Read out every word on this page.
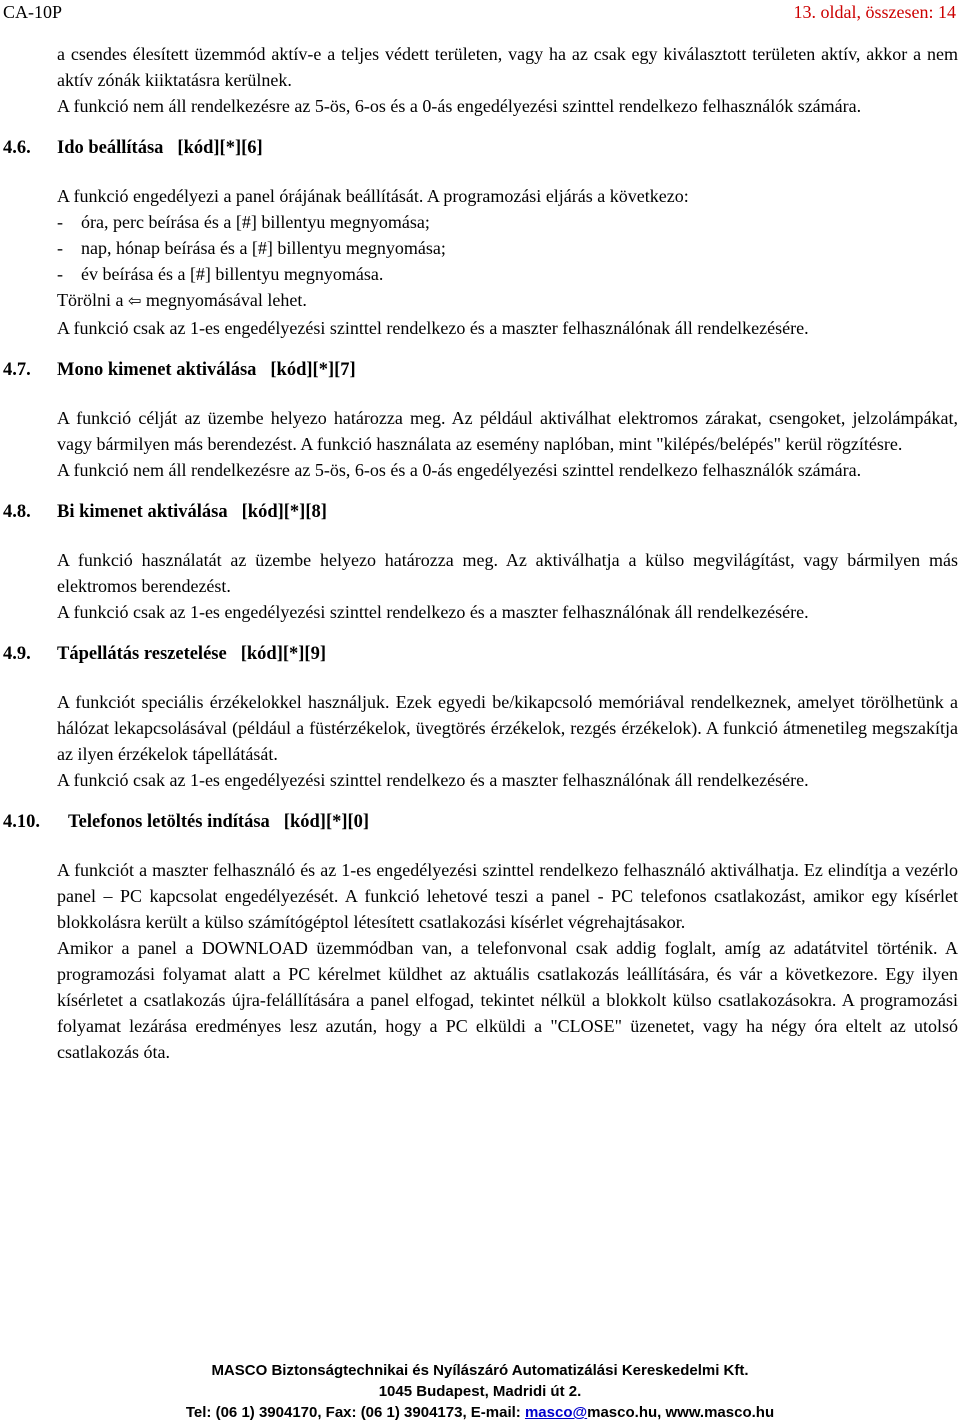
CA-10P	13. oldal, összesen: 14

a csendes élesített üzemmód aktív-e a teljes védett területen, vagy ha az csak egy kiválasztott területen aktív, akkor a nem aktív zónák kiiktatásra kerülnek.

A funkció nem áll rendelkezésre az 5-ös, 6-os és a 0-ás engedélyezési szinttel rendelkezo felhasználók számára.

4.6. Ido beállítása [kód][*][6]

A funkció engedélyezi a panel órájának beállítását. A programozási eljárás a következo:

- óra, perc beírása és a [#] billentyu megnyomása;
- nap, hónap beírása és a [#] billentyu megnyomása;
- év beírása és a [#] billentyu megnyomása.

Törölni a ⇦ megnyomásával lehet.

A funkció csak az 1-es engedélyezési szinttel rendelkezo és a maszter felhasználónak áll rendelkezésére.

4.7. Mono kimenet aktiválása [kód][*][7]

A funkció célját az üzembe helyezo határozza meg. Az például aktiválhat elektromos zárakat, csengoket, jelzolámpákat, vagy bármilyen más berendezést. A funkció használata az esemény naplóban, mint "kilépés/belépés" kerül rögzítésre.

A funkció nem áll rendelkezésre az 5-ös, 6-os és a 0-ás engedélyezési szinttel rendelkezo felhasználók számára.

4.8. Bi kimenet aktiválása [kód][*][8]

A funkció használatát az üzembe helyezo határozza meg. Az aktiválhatja a külso megvilágítást, vagy bármilyen más elektromos berendezést.

A funkció csak az 1-es engedélyezési szinttel rendelkezo és a maszter felhasználónak áll rendelkezésére.

4.9. Tápellátás reszetelése [kód][*][9]

A funkciót speciális érzékelokkel használjuk. Ezek egyedi be/kikapcsoló memóriával rendelkeznek, amelyet törölhetünk a hálózat lekapcsolásával (például a füstérzékelok, üvegtörés érzékelok, rezgés érzékelok). A funkció átmenetileg megszakítja az ilyen érzékelok tápellátását.

A funkció csak az 1-es engedélyezési szinttel rendelkezo és a maszter felhasználónak áll rendelkezésére.

4.10. Telefonos letöltés indítása [kód][*][0]

A funkciót a maszter felhasználó és az 1-es engedélyezési szinttel rendelkezo felhasználó aktiválhatja. Ez elindítja a vezérlo panel – PC kapcsolat engedélyezését. A funkció lehetové teszi a panel - PC telefonos csatlakozást, amikor egy kísérlet blokkolásra került a külso számítógéptol létesített csatlakozási kísérlet végrehajtásakor.

Amikor a panel a DOWNLOAD üzemmódban van, a telefonvonal csak addig foglalt, amíg az adatátvitel történik. A programozási folyamat alatt a PC kérelmet küldhet az aktuális csatlakozás leállítására, és vár a következore. Egy ilyen kísérletet a csatlakozás újra-felállítására a panel elfogad, tekintet nélkül a blokkolt külso csatlakozásokra. A programozási folyamat lezárása eredményes lesz azután, hogy a PC elküldi a "CLOSE" üzenetet, vagy ha négy óra eltelt az utolsó csatlakozás óta.

MASCO Biztonságtechnikai és Nyílászáró Automatizálási Kereskedelmi Kft.
1045 Budapest, Madridi út 2.
Tel: (06 1) 3904170, Fax: (06 1) 3904173, E-mail: masco@masco.hu, www.masco.hu
